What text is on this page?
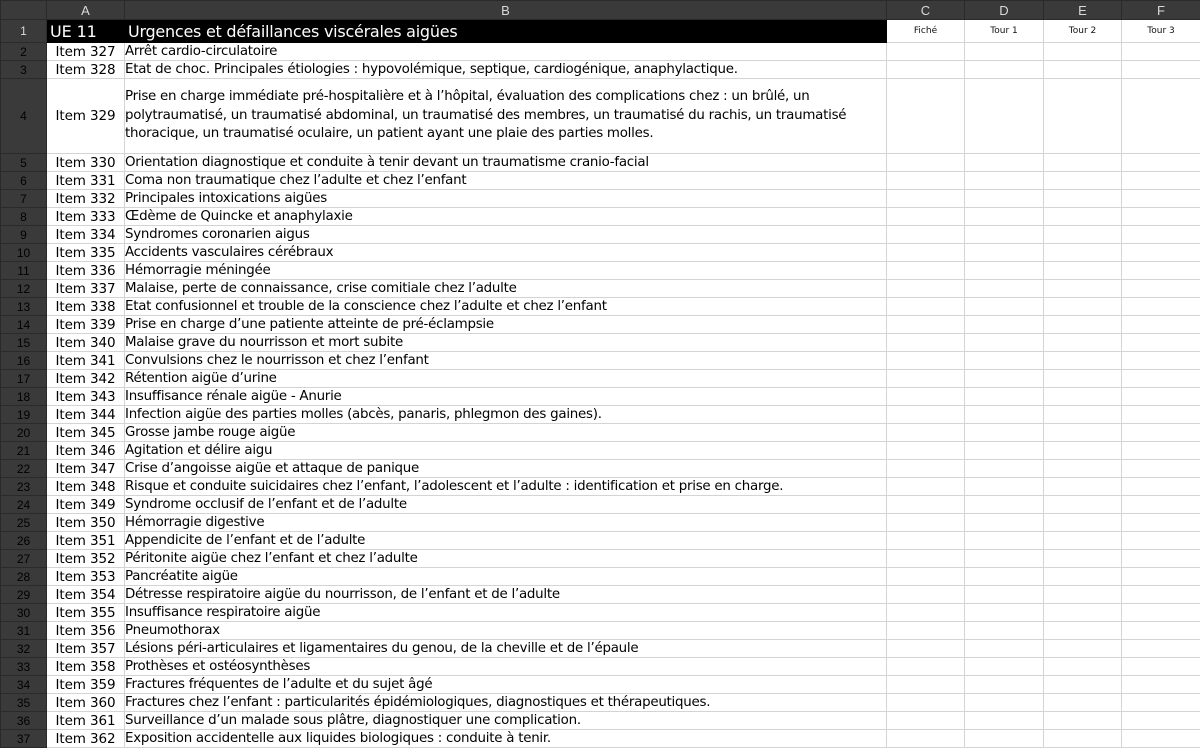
	A	B	C	D	E	F
1	UE 11	Urgences et défaillances viscérales aigües	Fiché	Tour 1	Tour 2	Tour 3
2	Item 327	Arrêt cardio-circulatoire				
3	Item 328	Etat de choc. Principales étiologies : hypovolémique, septique, cardiogénique, anaphylactique.				
4	Item 329	Prise en charge immédiate pré-hospitalière et à l’hôpital, évaluation des complications chez : un brûlé, un polytraumatisé, un traumatisé abdominal, un traumatisé des membres, un traumatisé du rachis, un traumatisé thoracique, un traumatisé oculaire, un patient ayant une plaie des parties molles.				
5	Item 330	Orientation diagnostique et conduite à tenir devant un traumatisme cranio-facial				
6	Item 331	Coma non traumatique chez l’adulte et chez l’enfant				
7	Item 332	Principales intoxications aigües				
8	Item 333	Œdème de Quincke et anaphylaxie				
9	Item 334	Syndromes coronarien aigus				
10	Item 335	Accidents vasculaires cérébraux				
11	Item 336	Hémorragie méningée				
12	Item 337	Malaise, perte de connaissance, crise comitiale chez l’adulte				
13	Item 338	Etat confusionnel et trouble de la conscience chez l’adulte et chez l’enfant				
14	Item 339	Prise en charge d’une patiente atteinte de pré-éclampsie				
15	Item 340	Malaise grave du nourrisson et mort subite				
16	Item 341	Convulsions chez le nourrisson et chez l’enfant				
17	Item 342	Rétention aigüe d’urine				
18	Item 343	Insuffisance rénale aigüe - Anurie				
19	Item 344	Infection aigüe des parties molles (abcès, panaris, phlegmon des gaines).				
20	Item 345	Grosse jambe rouge aigüe				
21	Item 346	Agitation et délire aigu				
22	Item 347	Crise d’angoisse aigüe et attaque de panique				
23	Item 348	Risque et conduite suicidaires chez l’enfant, l’adolescent et l’adulte : identification et prise en charge.				
24	Item 349	Syndrome occlusif de l’enfant et de l’adulte				
25	Item 350	Hémorragie digestive				
26	Item 351	Appendicite de l’enfant et de l’adulte				
27	Item 352	Péritonite aigüe chez l’enfant et chez l’adulte				
28	Item 353	Pancréatite aigüe				
29	Item 354	Détresse respiratoire aigüe du nourrisson, de l’enfant et de l’adulte				
30	Item 355	Insuffisance respiratoire aigüe				
31	Item 356	Pneumothorax				
32	Item 357	Lésions péri-articulaires et ligamentaires du genou, de la cheville et de l’épaule				
33	Item 358	Prothèses et ostéosynthèses				
34	Item 359	Fractures fréquentes de l’adulte et du sujet âgé				
35	Item 360	Fractures chez l’enfant : particularités épidémiologiques, diagnostiques et thérapeutiques.				
36	Item 361	Surveillance d’un malade sous plâtre, diagnostiquer une complication.				
37	Item 362	Exposition accidentelle aux liquides biologiques : conduite à tenir.				
